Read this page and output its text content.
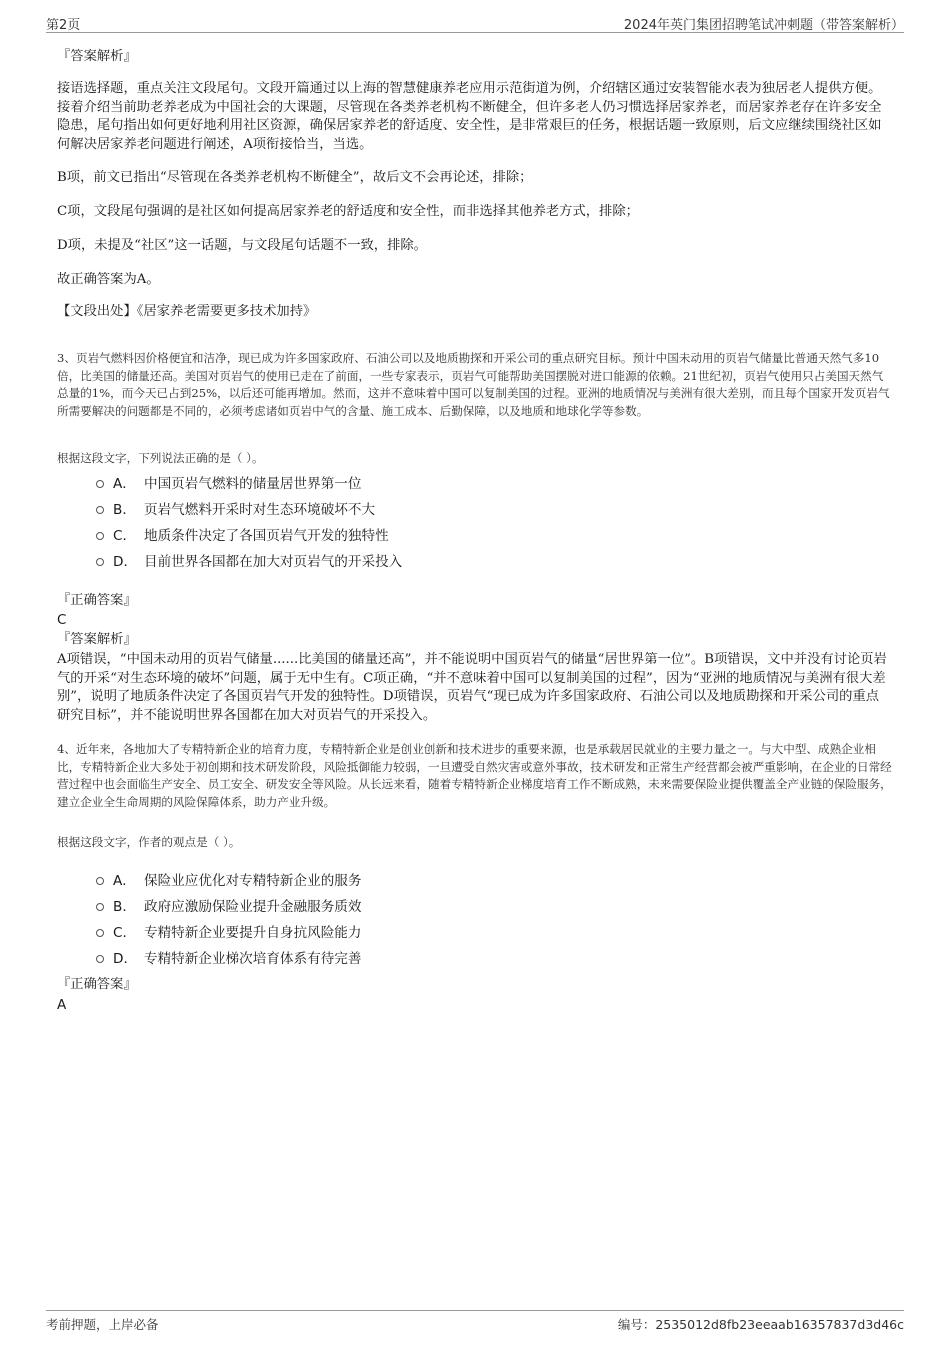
第2页	2024年英门集团招聘笔试冲刺题（带答案解析）
『答案解析』

接语选择题，重点关注文段尾句。文段开篇通过以上海的智慧健康养老应用示范街道为例，介绍辖区通过安装智能水表为独居老人提供方便。接着介绍当前助老养老成为中国社会的大课题，尽管现在各类养老机构不断健全，但许多老人仍习惯选择居家养老，而居家养老存在许多安全隐患，尾句指出如何更好地利用社区资源，确保居家养老的舒适度、安全性，是非常艰巨的任务，根据话题一致原则，后文应继续围绕社区如何解决居家养老问题进行阐述，A项衔接恰当，当选。

B项，前文已指出“尽管现在各类养老机构不断健全”，故后文不会再论述，排除；

C项，文段尾句强调的是社区如何提高居家养老的舒适度和安全性，而非选择其他养老方式，排除；

D项，未提及“社区”这一话题，与文段尾句话题不一致，排除。

故正确答案为A。

【文段出处】《居家养老需要更多技术加持》

3、页岩气燃料因价格便宜和洁净，现已成为许多国家政府、石油公司以及地质勘探和开采公司的重点研究目标。预计中国未动用的页岩气储量比普通天然气多10倍，比美国的储量还高。美国对页岩气的使用已走在了前面，一些专家表示，页岩气可能帮助美国摆脱对进口能源的依赖。21世纪初，页岩气使用只占美国天然气总量的1%，而今天已占到25%，以后还可能再增加。然而，这并不意味着中国可以复制美国的过程。亚洲的地质情况与美洲有很大差别，而且每个国家开发页岩气所需要解决的问题都是不同的，必须考虑诸如页岩中气的含量、施工成本、后勤保障，以及地质和地球化学等参数。

根据这段文字，下列说法正确的是（ ）。

A． 中国页岩气燃料的储量居世界第一位
B． 页岩气燃料开采时对生态环境破坏不大
C． 地质条件决定了各国页岩气开发的独特性
D． 目前世界各国都在加大对页岩气的开采投入
『正确答案』
C
『答案解析』

A项错误，“中国未动用的页岩气储量......比美国的储量还高”，并不能说明中国页岩气的储量“居世界第一位”。B项错误，文中并没有讨论页岩气的开采“对生态环境的破坏”问题，属于无中生有。C项正确，“并不意味着中国可以复制美国的过程”，因为“亚洲的地质情况与美洲有很大差别”，说明了地质条件决定了各国页岩气开发的独特性。D项错误，页岩气“现已成为许多国家政府、石油公司以及地质勘探和开采公司的重点研究目标”，并不能说明世界各国都在加大对页岩气的开采投入。

4、近年来，各地加大了专精特新企业的培育力度，专精特新企业是创业创新和技术进步的重要来源，也是承载居民就业的主要力量之一。与大中型、成熟企业相比，专精特新企业大多处于初创期和技术研发阶段，风险抵御能力较弱，一旦遭受自然灾害或意外事故，技术研发和正常生产经营都会被严重影响，在企业的日常经营过程中也会面临生产安全、员工安全、研发安全等风险。从长远来看，随着专精特新企业梯度培育工作不断成熟，未来需要保险业提供覆盖全产业链的保险服务，建立企业全生命周期的风险保障体系，助力产业升级。

根据这段文字，作者的观点是（ ）。

A． 保险业应优化对专精特新企业的服务
B． 政府应激励保险业提升金融服务质效
C． 专精特新企业要提升自身抗风险能力
D． 专精特新企业梯次培育体系有待完善
『正确答案』
A
考前押题，上岸必备	编号：2535012d8fb23eeaab16357837d3d46c
